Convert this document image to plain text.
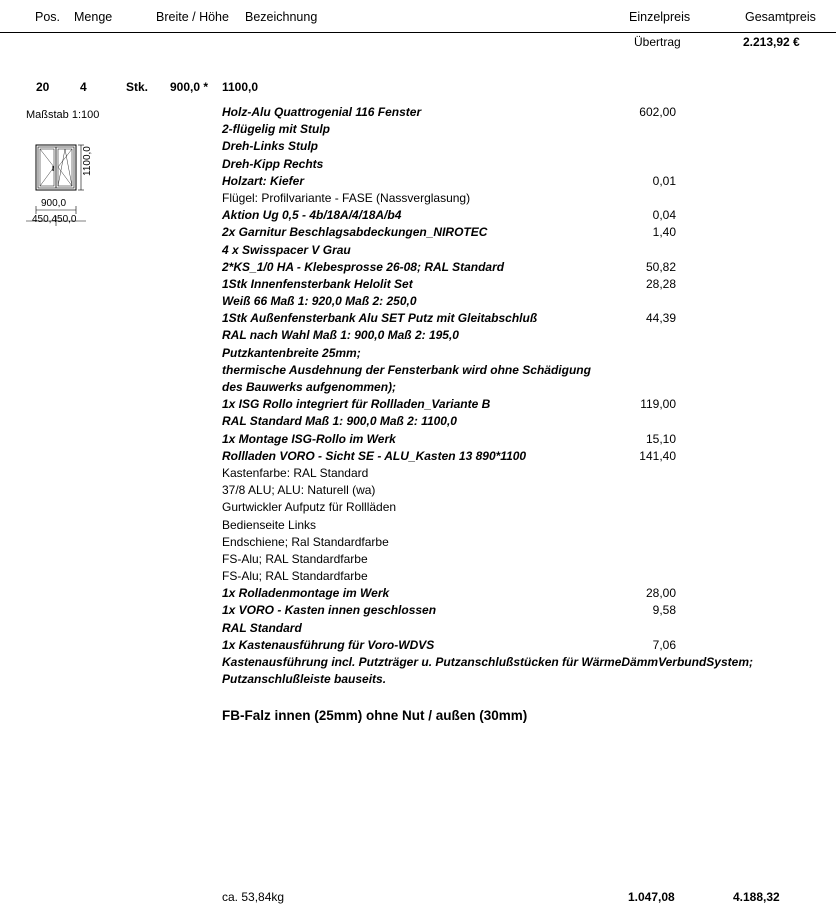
Pos. Menge	Breite / Höhe Bezeichnung	Einzelpreis	Gesamtpreis
Übertrag	2.213,92 €
20	4	Stk. 900,0 * 1100,0
Maßstab 1:100
1100,0
900,0
450,450,0
Holz-Alu Quattrogenial 116 Fenster	602,00
2-flügelig mit Stulp
Dreh-Links Stulp
Dreh-Kipp Rechts
Holzart: Kiefer	0,01
Flügel: Profilvariante - FASE (Nassverglasung)
Aktion Ug 0,5 - 4b/18A/4/18A/b4	0,04
2x Garnitur Beschlagsabdeckungen_NIROTEC	1,40
4 x Swisspacer V Grau
2*KS_1/0 HA - Klebesprosse 26-08; RAL Standard	50,82
1Stk Innenfensterbank Helolit Set	28,28
Weiß 66 Maß 1: 920,0 Maß 2: 250,0
1Stk Außenfensterbank Alu SET Putz mit Gleitabschluß	44,39
RAL nach Wahl Maß 1: 900,0 Maß 2: 195,0
Putzkantenbreite 25mm;
thermische Ausdehnung der Fensterbank wird ohne Schädigung
des Bauwerks aufgenommen);
1x ISG Rollo integriert für Rollladen_Variante B	119,00
RAL Standard Maß 1: 900,0 Maß 2: 1100,0
1x Montage ISG-Rollo im Werk	15,10
Rollladen VORO - Sicht SE - ALU_Kasten 13 890*1100	141,40
Kastenfarbe: RAL Standard
37/8 ALU; ALU: Naturell (wa)
Gurtwickler Aufputz für Rollläden
Bedienseite Links
Endschiene; Ral Standardfarbe
FS-Alu; RAL Standardfarbe
FS-Alu; RAL Standardfarbe
1x Rolladenmontage im Werk	28,00
1x VORO - Kasten innen geschlossen	9,58
RAL Standard
1x Kastenausführung für Voro-WDVS	7,06
Kastenausführung incl. Putzträger u. Putzanschlußstücken für WärmeDämmVerbundSystem;
Putzanschlußleiste bauseits.
FB-Falz innen (25mm) ohne Nut / außen (30mm)
ca. 53,84kg	1.047,08	4.188,32
